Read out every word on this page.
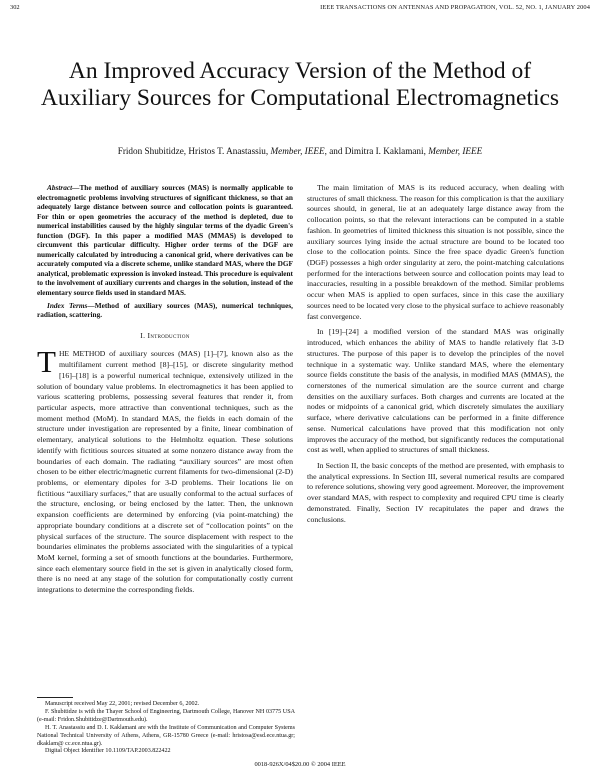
302	IEEE TRANSACTIONS ON ANTENNAS AND PROPAGATION, VOL. 52, NO. 1, JANUARY 2004
An Improved Accuracy Version of the Method of Auxiliary Sources for Computational Electromagnetics
Fridon Shubitidze, Hristos T. Anastassiu, Member, IEEE, and Dimitra I. Kaklamani, Member, IEEE

Abstract—The method of auxiliary sources (MAS) is normally applicable to electromagnetic problems involving structures of significant thickness, so that an adequately large distance between source and collocation points is guaranteed. For thin or open geometries the accuracy of the method is depleted, due to numerical instabilities caused by the highly singular terms of the dyadic Green's function (DGF). In this paper a modified MAS (MMAS) is developed to circumvent this particular difficulty. Higher order terms of the DGF are numerically calculated by introducing a canonical grid, where derivatives can be accurately computed via a discrete scheme, unlike standard MAS, where the DGF analytical, problematic expression is invoked instead. This procedure is equivalent to the involvement of auxiliary currents and charges in the solution, instead of the elementary source fields used in standard MAS.

Index Terms—Method of auxiliary sources (MAS), numerical techniques, radiation, scattering.

I. Introduction

THE METHOD of auxiliary sources (MAS) [1]–[7], known also as the multifilament current method [8]–[15], or discrete singularity method [16]–[18] is a powerful numerical technique, extensively utilized in the solution of boundary value problems. In electromagnetics it has been applied to various scattering problems, possessing several features that render it, from particular aspects, more attractive than conventional techniques, such as the moment method (MoM). In standard MAS, the fields in each domain of the structure under investigation are represented by a finite, linear combination of elementary, analytical solutions to the Helmholtz equation. These solutions identify with fictitious sources situated at some nonzero distance away from the boundaries of each domain. The radiating “auxiliary sources” are most often chosen to be either electric/magnetic current filaments for two-dimensional (2-D) problems, or elementary dipoles for 3-D problems. Their locations lie on fictitious “auxiliary surfaces,” that are usually conformal to the actual surfaces of the structure, enclosing, or being enclosed by the latter. Then, the unknown expansion coefficients are determined by enforcing (via point-matching) the appropriate boundary conditions at a discrete set of “collocation points” on the physical surfaces of the structure. The source displacement with respect to the boundaries eliminates the problems associated with the singularities of a typical MoM kernel, forming a set of smooth functions at the boundaries. Furthermore, since each elementary source field in the set is given in analytically closed form, there is no need at any stage of the solution for computationally costly current integrations to determine the corresponding fields.

The main limitation of MAS is its reduced accuracy, when dealing with structures of small thickness. The reason for this complication is that the auxiliary sources should, in general, lie at an adequately large distance away from the collocation points, so that the relevant interactions can be computed in a stable fashion. In geometries of limited thickness this situation is not possible, since the auxiliary sources lying inside the actual structure are bound to be located too close to the collocation points. Since the free space dyadic Green's function (DGF) possesses a high order singularity at zero, the point-matching calculations performed for the interactions between source and collocation points may lead to inaccuracies, resulting in a possible breakdown of the method. Similar problems occur when MAS is applied to open surfaces, since in this case the auxiliary sources need to be located very close to the physical surface to achieve reasonably fast convergence.

In [19]–[24] a modified version of the standard MAS was originally introduced, which enhances the ability of MAS to handle relatively flat 3-D structures. The purpose of this paper is to develop the principles of the novel technique in a systematic way. Unlike standard MAS, where the elementary source fields constitute the basis of the analysis, in modified MAS (MMAS), the cornerstones of the numerical simulation are the source current and charge densities on the auxiliary surfaces. Both charges and currents are located at the nodes or midpoints of a canonical grid, which discretely simulates the auxiliary surface, where derivative calculations can be performed in a finite difference sense. Numerical calculations have proved that this modification not only improves the accuracy of the method, but significantly reduces the computational cost as well, when applied to structures of small thickness.

In Section II, the basic concepts of the method are presented, with emphasis to the analytical expressions. In Section III, several numerical results are compared to reference solutions, showing very good agreement. Moreover, the improvement over standard MAS, with respect to complexity and required CPU time is clearly demonstrated. Finally, Section IV recapitulates the paper and draws the conclusions.

Manuscript received May 22, 2001; revised December 6, 2002.

F. Shubitidze is with the Thayer School of Engineering, Dartmouth College, Hanover NH 03775 USA (e-mail: Fridon.Shubitidze@Dartmouth.edu).

H. T. Anastassiu and D. I. Kaklamani are with the Institute of Communication and Computer Systems National Technical University of Athens, Athens, GR-15780 Greece (e-mail: hristosa@esd.ece.ntua.gr; dkaklam@ cc.ece.ntua.gr).

Digital Object Identifier 10.1109/TAP.2003.822422

0018-926X/04$20.00 © 2004 IEEE
